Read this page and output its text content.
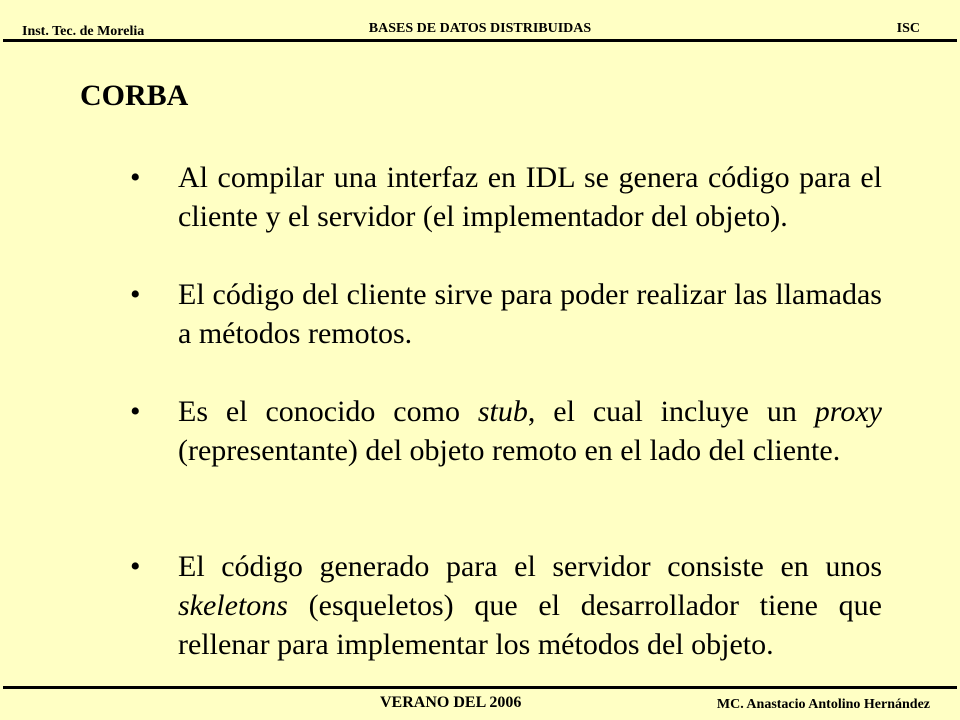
Inst. Tec. de Morelia	BASES DE DATOS DISTRIBUIDAS	ISC
CORBA
•	Al compilar una interfaz en IDL se genera código para el cliente y el servidor (el implementador del objeto).
•	El código del cliente sirve para poder realizar las llamadas a métodos remotos.
•	Es el conocido como stub, el cual incluye un proxy (representante) del objeto remoto en el lado del cliente.
•	El código generado para el servidor consiste en unos skeletons (esqueletos) que el desarrollador tiene que rellenar para implementar los métodos del objeto.
VERANO DEL 2006	MC. Anastacio Antolino Hernández
